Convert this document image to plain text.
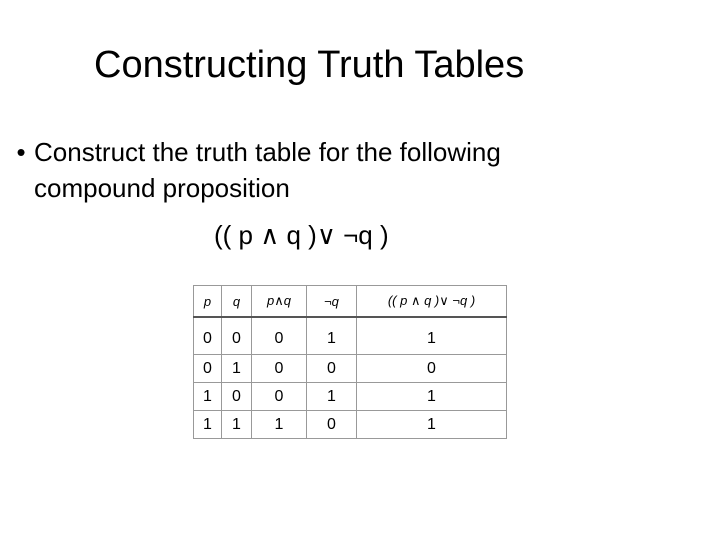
Constructing Truth Tables
• Construct the truth table for the following
compound proposition
(( p ∧ q )∨ ¬q )
p	q	p∧q	¬q	(( p ∧ q )∨ ¬q )
0	0	0	1	1
0	1	0	0	0
1	0	0	1	1
1	1	1	0	1
